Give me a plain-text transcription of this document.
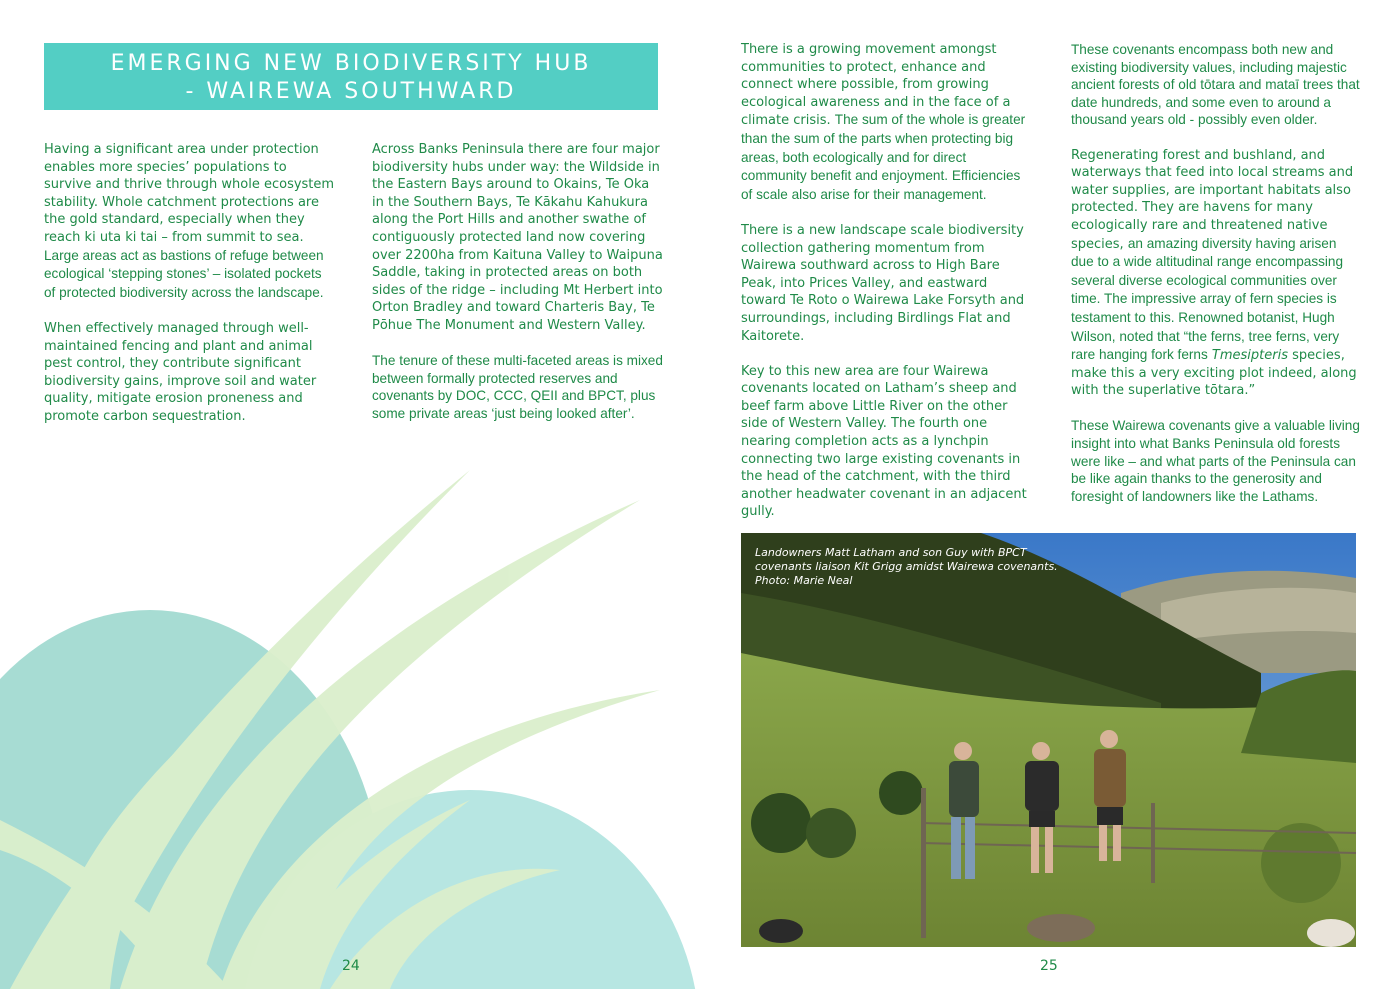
EMERGING NEW BIODIVERSITY HUB
- WAIREWA SOUTHWARD

Having a significant area under protection enables more species’ populations to survive and thrive through whole ecosystem stability. Whole catchment protections are the gold standard, especially when they reach ki uta ki tai – from summit to sea. Large areas act as bastions of refuge between ecological ‘stepping stones’ – isolated pockets of protected biodiversity across the landscape.

When effectively managed through well-maintained fencing and plant and animal pest control, they contribute significant biodiversity gains, improve soil and water quality, mitigate erosion proneness and promote carbon sequestration.

Across Banks Peninsula there are four major biodiversity hubs under way: the Wildside in the Eastern Bays around to Okains, Te Oka in the Southern Bays, Te Kākahu Kahukura along the Port Hills and another swathe of contiguously protected land now covering over 2200ha from Kaituna Valley to Waipuna Saddle, taking in protected areas on both sides of the ridge – including Mt Herbert into Orton Bradley and toward Charteris Bay, Te Pōhue The Monument and Western Valley.

The tenure of these multi-faceted areas is mixed between formally protected reserves and covenants by DOC, CCC, QEII and BPCT, plus some private areas ‘just being looked after’.

24

There is a growing movement amongst communities to protect, enhance and connect where possible, from growing ecological awareness and in the face of a climate crisis. The sum of the whole is greater than the sum of the parts when protecting big areas, both ecologically and for direct community benefit and enjoyment. Efficiencies of scale also arise for their management.

There is a new landscape scale biodiversity collection gathering momentum from Wairewa southward across to High Bare Peak, into Prices Valley, and eastward toward Te Roto o Wairewa Lake Forsyth and surroundings, including Birdlings Flat and Kaitorete.

Key to this new area are four Wairewa covenants located on Latham’s sheep and beef farm above Little River on the other side of Western Valley. The fourth one nearing completion acts as a lynchpin connecting two large existing covenants in the head of the catchment, with the third another headwater covenant in an adjacent gully.

These covenants encompass both new and existing biodiversity values, including majestic ancient forests of old tōtara and mataī trees that date hundreds, and some even to around a thousand years old - possibly even older.

Regenerating forest and bushland, and waterways that feed into local streams and water supplies, are important habitats also protected. They are havens for many ecologically rare and threatened native species, an amazing diversity having arisen due to a wide altitudinal range encompassing several diverse ecological communities over time. The impressive array of fern species is testament to this. Renowned botanist, Hugh Wilson, noted that “the ferns, tree ferns, very rare hanging fork ferns Tmesipteris species, make this a very exciting plot indeed, along with the superlative tōtara.”

These Wairewa covenants give a valuable living insight into what Banks Peninsula old forests were like – and what parts of the Peninsula can be like again thanks to the generosity and foresight of landowners like the Lathams.

Landowners Matt Latham and son Guy with BPCT
covenants liaison Kit Grigg amidst Wairewa covenants.
Photo: Marie Neal
25
